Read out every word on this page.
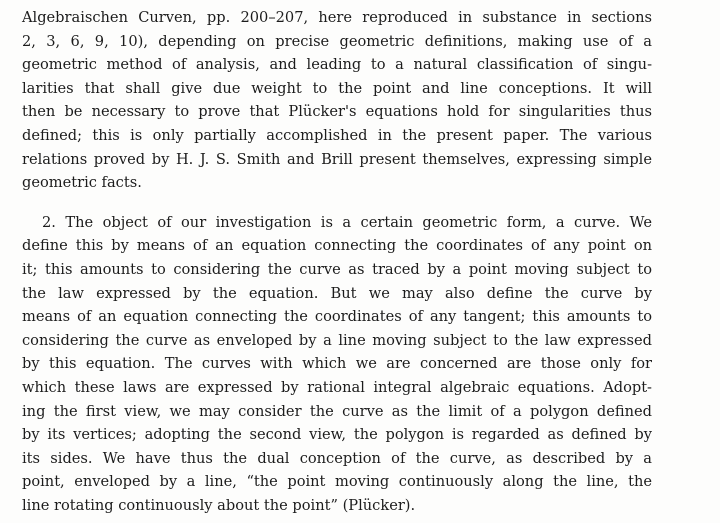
Algebraischen Curven, pp. 200–207, here reproduced in substance in sections
2, 3, 6, 9, 10), depending on precise geometric definitions, making use of a
geometric method of analysis, and leading to a natural classification of singu-
larities that shall give due weight to the point and line conceptions. It will
then be necessary to prove that Plücker's equations hold for singularities thus
defined; this is only partially accomplished in the present paper. The various
relations proved by H. J. S. Smith and Brill present themselves, expressing simple
geometric facts.
2. The object of our investigation is a certain geometric form, a curve. We
define this by means of an equation connecting the coordinates of any point on
it; this amounts to considering the curve as traced by a point moving subject to
the law expressed by the equation. But we may also define the curve by
means of an equation connecting the coordinates of any tangent; this amounts to
considering the curve as enveloped by a line moving subject to the law expressed
by this equation. The curves with which we are concerned are those only for
which these laws are expressed by rational integral algebraic equations. Adopt-
ing the first view, we may consider the curve as the limit of a polygon defined
by its vertices; adopting the second view, the polygon is regarded as defined by
its sides. We have thus the dual conception of the curve, as described by a
point, enveloped by a line, “the point moving continuously along the line, the
line rotating continuously about the point” (Plücker).
